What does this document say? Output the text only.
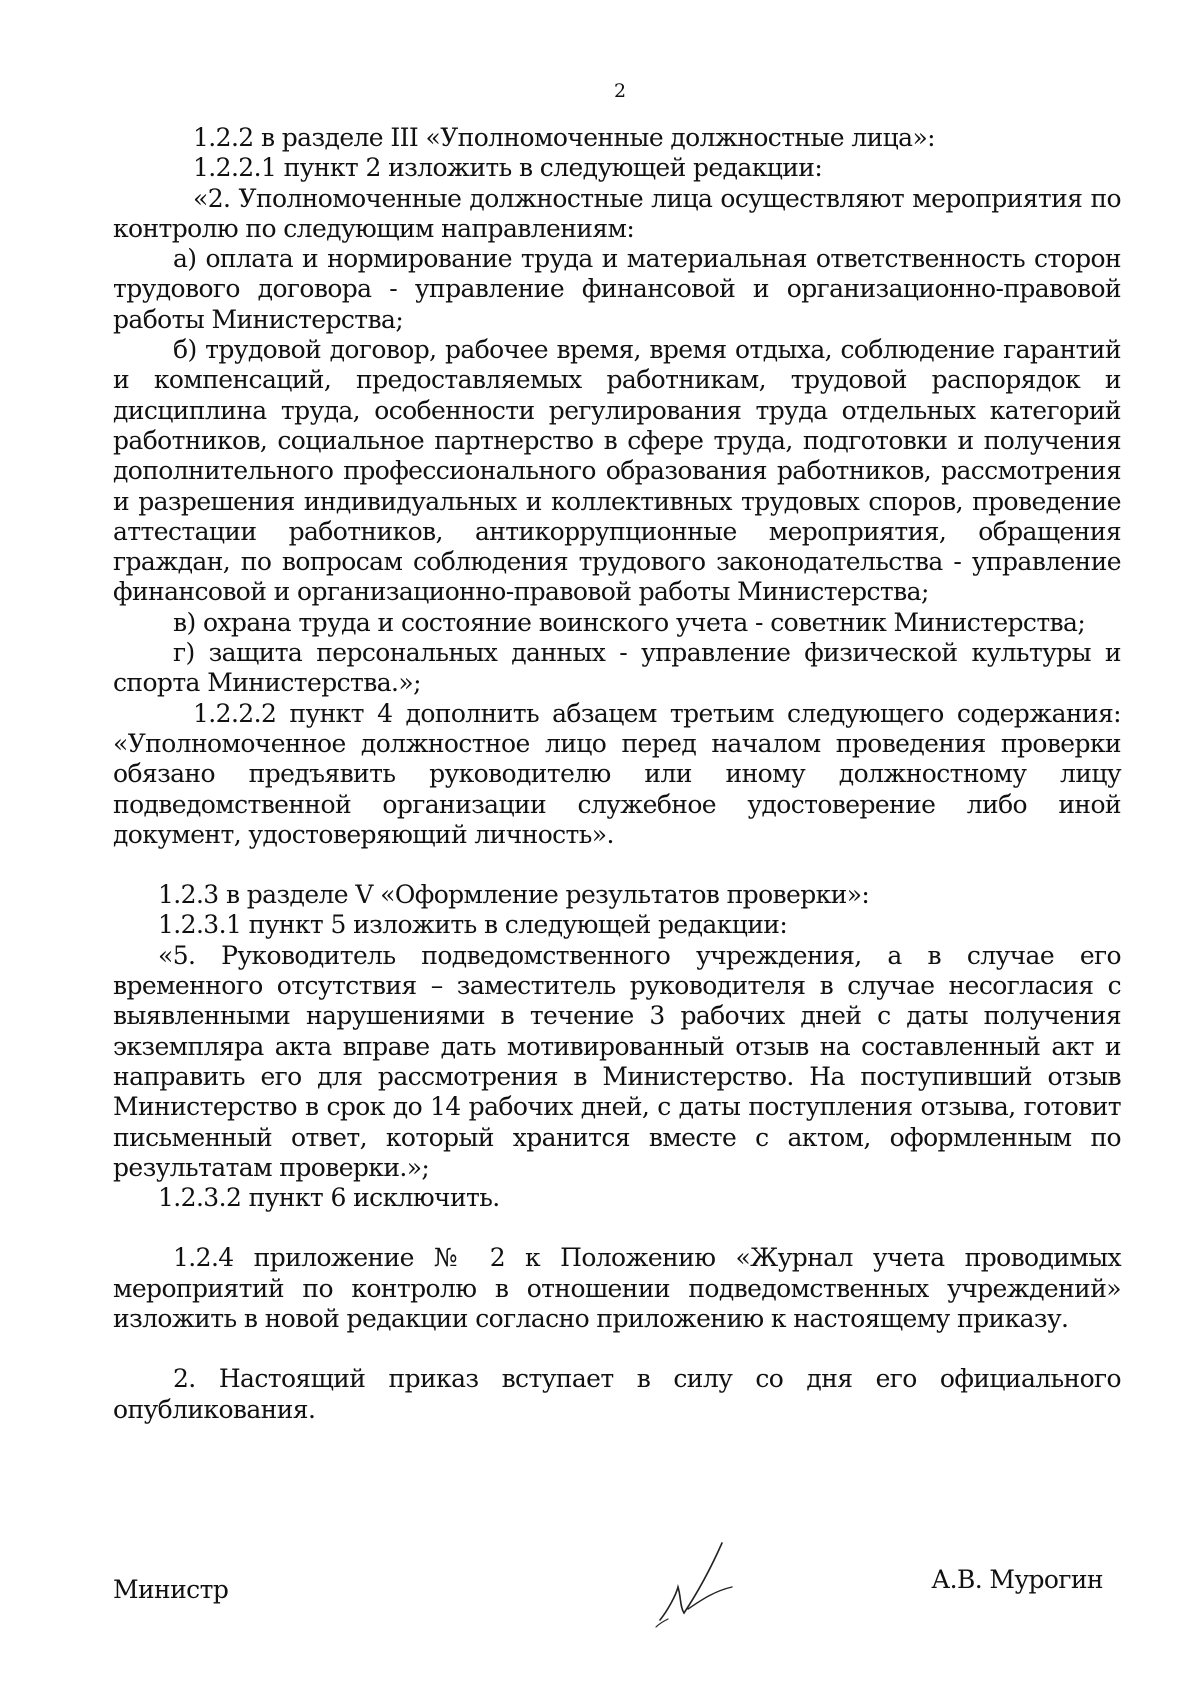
2

1.2.2 в разделе III «Уполномоченные должностные лица»:

1.2.2.1 пункт 2 изложить в следующей редакции:

«2. Уполномоченные должностные лица осуществляют мероприятия по контролю по следующим направлениям:

а) оплата и нормирование труда и материальная ответственность сторон трудового договора - управление финансовой и организационно-правовой работы Министерства;

б) трудовой договор, рабочее время, время отдыха, соблюдение гарантий и компенсаций, предоставляемых работникам, трудовой распорядок и дисциплина труда, особенности регулирования труда отдельных категорий работников, социальное партнерство в сфере труда, подготовки и получения дополнительного профессионального образования работников, рассмотрения и разрешения индивидуальных и коллективных трудовых споров, проведение аттестации работников, антикоррупционные мероприятия, обращения граждан, по вопросам соблюдения трудового законодательства - управление финансовой и организационно-правовой работы Министерства;

в) охрана труда и состояние воинского учета - советник Министерства;

г) защита персональных данных - управление физической культуры и спорта Министерства.»;

1.2.2.2 пункт 4 дополнить абзацем третьим следующего содержания: «Уполномоченное должностное лицо перед началом проведения проверки обязано предъявить руководителю или иному должностному лицу подведомственной организации служебное удостоверение либо иной документ, удостоверяющий личность».

1.2.3 в разделе V «Оформление результатов проверки»:

1.2.3.1 пункт 5 изложить в следующей редакции:

«5. Руководитель подведомственного учреждения, а в случае его временного отсутствия – заместитель руководителя в случае несогласия с выявленными нарушениями в течение 3 рабочих дней с даты получения экземпляра акта вправе дать мотивированный отзыв на составленный акт и направить его для рассмотрения в Министерство. На поступивший отзыв Министерство в срок до 14 рабочих дней, с даты поступления отзыва, готовит письменный ответ, который хранится вместе с актом, оформленным по результатам проверки.»;

1.2.3.2 пункт 6 исключить.

1.2.4 приложение № 2 к Положению «Журнал учета проводимых мероприятий по контролю в отношении подведомственных учреждений» изложить в новой редакции согласно приложению к настоящему приказу.

2. Настоящий приказ вступает в силу со дня его официального опубликования.

Министр	А.В. Мурогин
